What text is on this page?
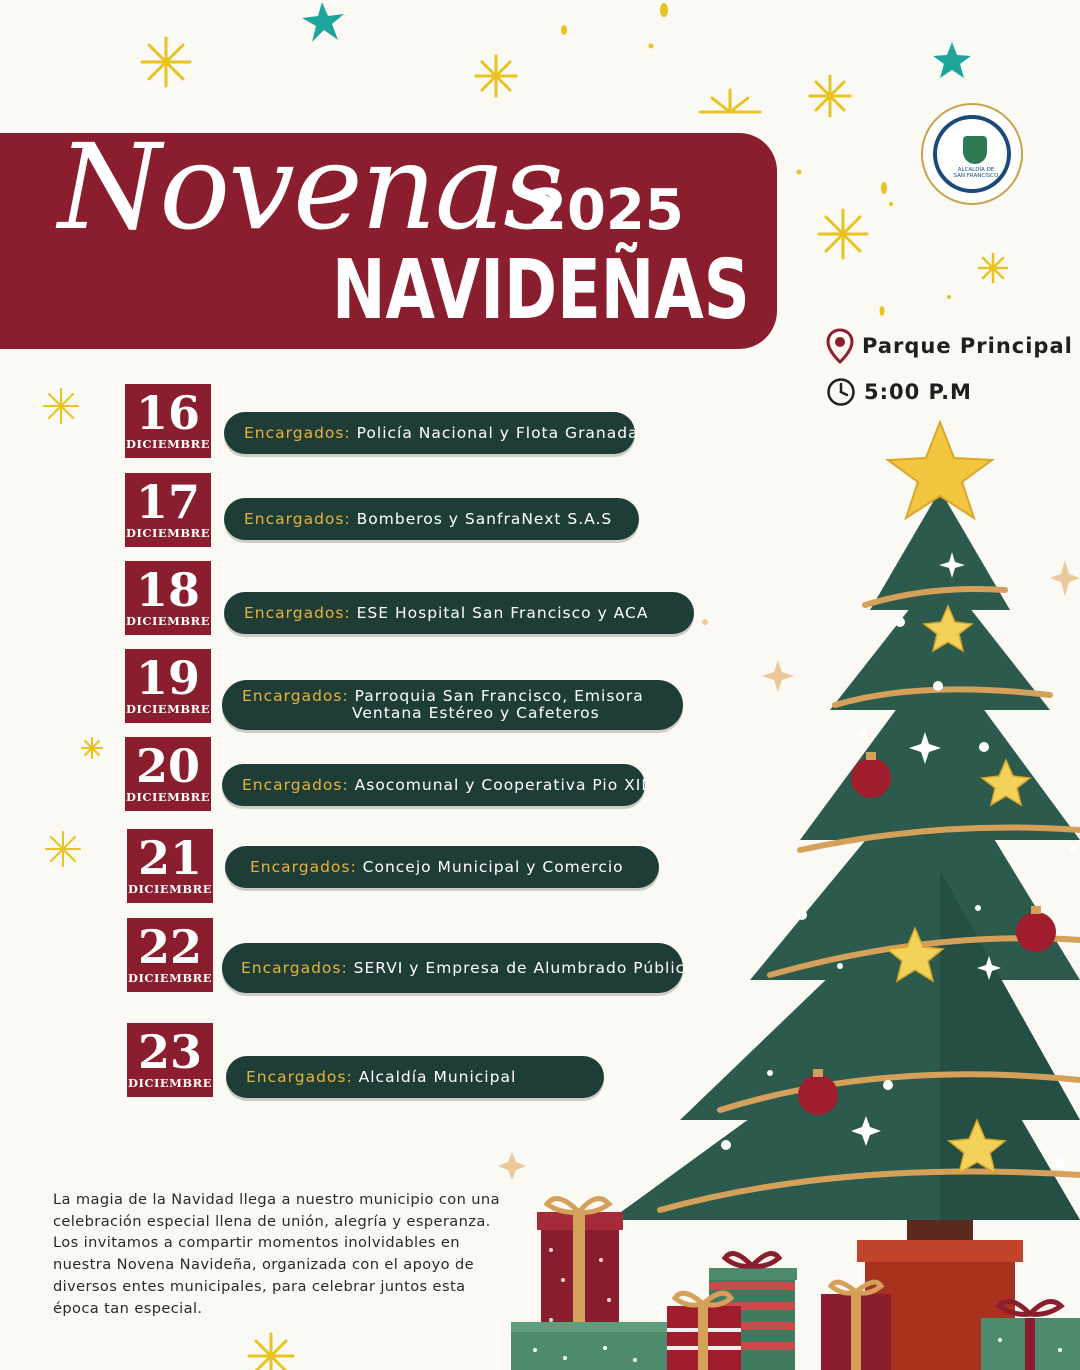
Novenas
2025
NAVIDEÑAS
ALCALDÍA DE
SAN FRANCISCO
Parque Principal
5:00 P.M
16
DICIEMBRE
Encargados: Policía Nacional y Flota Granada
17
DICIEMBRE
Encargados: Bomberos y SanfraNext S.A.S
18
DICIEMBRE Encargados: ESE Hospital San Francisco y ACA
19
DICIEMBRE
Encargados: Parroquia San Francisco, Emisora
Ventana Estéreo y Cafeteros
20
DICIEMBRE
Encargados: Asocomunal y Cooperativa Pio XII
21
DICIEMBRE
Encargados: Concejo Municipal y Comercio
22
DICIEMBRE
Encargados: SERVI y Empresa de Alumbrado Público
23
DICIEMBRE Encargados: Alcaldía Municipal
La magia de la Navidad llega a nuestro municipio con una
celebración especial llena de unión, alegría y esperanza.
Los invitamos a compartir momentos inolvidables en
nuestra Novena Navideña, organizada con el apoyo de
diversos entes municipales, para celebrar juntos esta
época tan especial.
